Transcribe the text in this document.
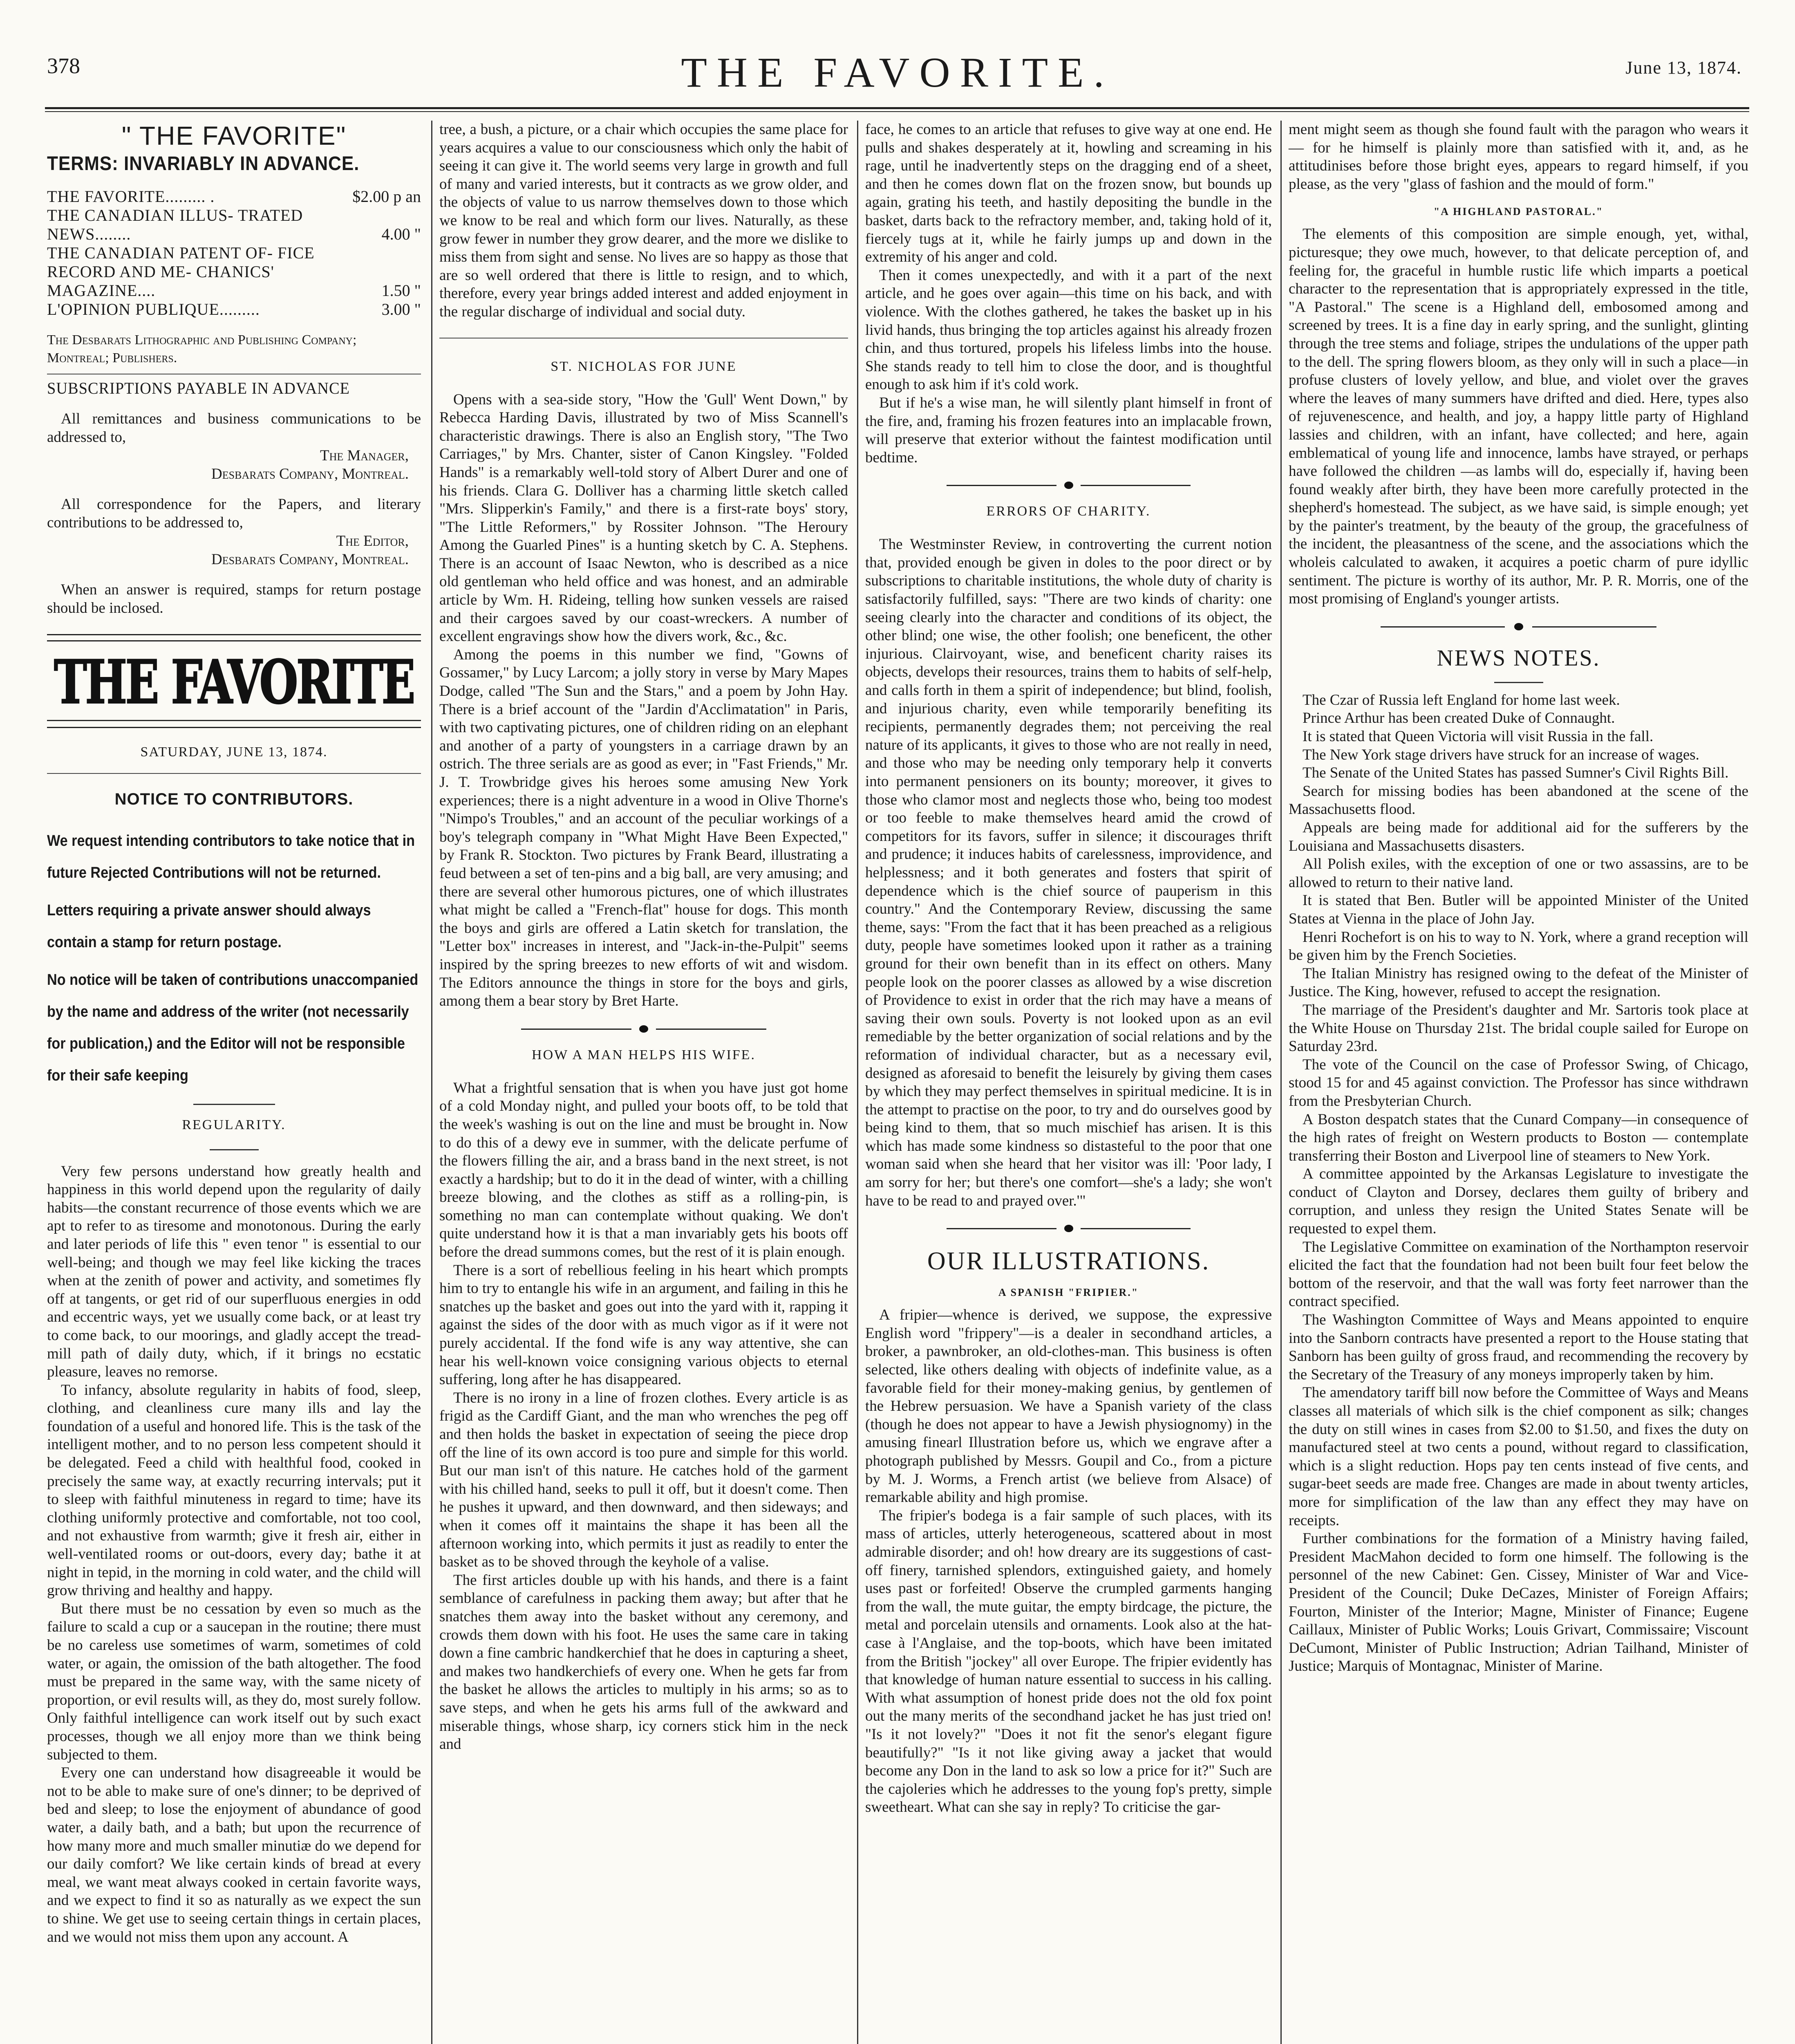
378	THE FAVORITE.	June 13, 1874.
" THE FAVORITE"
TERMS: INVARIABLY IN ADVANCE.
THE FAVORITE......... .	$2.00 p an
THE CANADIAN ILLUS- TRATED NEWS........	4.00 "
THE CANADIAN PATENT OF- FICE RECORD AND ME- CHANICS' MAGAZINE....	1.50 "
L'OPINION PUBLIQUE.........	3.00 "
The Desbarats Lithographic and Publishing Company; Montreal; Publishers.
SUBSCRIPTIONS PAYABLE IN ADVANCE

All remittances and business communications to be addressed to,

The Manager,
Desbarats Company, Montreal.

All correspondence for the Papers, and literary contributions to be addressed to,

The Editor,
Desbarats Company, Montreal.

When an answer is required, stamps for return postage should be inclosed.

THE FAVORITE
SATURDAY, JUNE 13, 1874.
NOTICE TO CONTRIBUTORS.

We request intending contributors to take notice that in future Rejected Contributions will not be returned.

Letters requiring a private answer should always contain a stamp for return postage.

No notice will be taken of contributions unaccompanied by the name and address of the writer (not necessarily for publication,) and the Editor will not be responsible for their safe keeping

REGULARITY.

Very few persons understand how greatly health and happiness in this world depend upon the regularity of daily habits—the constant recurrence of those events which we are apt to refer to as tiresome and monotonous. During the early and later periods of life this " even tenor " is essential to our well-being; and though we may feel like kicking the traces when at the zenith of power and activity, and sometimes fly off at tangents, or get rid of our superfluous energies in odd and eccentric ways, yet we usually come back, or at least try to come back, to our moorings, and gladly accept the tread-mill path of daily duty, which, if it brings no ecstatic pleasure, leaves no remorse.

To infancy, absolute regularity in habits of food, sleep, clothing, and cleanliness cure many ills and lay the foundation of a useful and honored life. This is the task of the intelligent mother, and to no person less competent should it be delegated. Feed a child with healthful food, cooked in precisely the same way, at exactly recurring intervals; put it to sleep with faithful minuteness in regard to time; have its clothing uniformly protective and comfortable, not too cool, and not exhaustive from warmth; give it fresh air, either in well-ventilated rooms or out-doors, every day; bathe it at night in tepid, in the morning in cold water, and the child will grow thriving and healthy and happy.

But there must be no cessation by even so much as the failure to scald a cup or a saucepan in the routine; there must be no careless use sometimes of warm, sometimes of cold water, or again, the omission of the bath altogether. The food must be prepared in the same way, with the same nicety of proportion, or evil results will, as they do, most surely follow. Only faithful intelligence can work itself out by such exact processes, though we all enjoy more than we think being subjected to them.

Every one can understand how disagreeable it would be not to be able to make sure of one's dinner; to be deprived of bed and sleep; to lose the enjoyment of abundance of good water, a daily bath, and a bath; but upon the recurrence of how many more and much smaller minutiæ do we depend for our daily comfort? We like certain kinds of bread at every meal, we want meat always cooked in certain favorite ways, and we expect to find it so as naturally as we expect the sun to shine. We get use to seeing certain things in certain places, and we would not miss them upon any account. A

tree, a bush, a picture, or a chair which occupies the same place for years acquires a value to our consciousness which only the habit of seeing it can give it. The world seems very large in growth and full of many and varied interests, but it contracts as we grow older, and the objects of value to us narrow themselves down to those which we know to be real and which form our lives. Naturally, as these grow fewer in number they grow dearer, and the more we dislike to miss them from sight and sense. No lives are so happy as those that are so well ordered that there is little to resign, and to which, therefore, every year brings added interest and added enjoyment in the regular discharge of individual and social duty.

ST. NICHOLAS FOR JUNE

Opens with a sea-side story, "How the 'Gull' Went Down," by Rebecca Harding Davis, illustrated by two of Miss Scannell's characteristic drawings. There is also an English story, "The Two Carriages," by Mrs. Chanter, sister of Canon Kingsley. "Folded Hands" is a remarkably well-told story of Albert Durer and one of his friends. Clara G. Dolliver has a charming little sketch called "Mrs. Slipperkin's Family," and there is a first-rate boys' story, "The Little Reformers," by Rossiter Johnson. "The Heroury Among the Guarled Pines" is a hunting sketch by C. A. Stephens. There is an account of Isaac Newton, who is described as a nice old gentleman who held office and was honest, and an admirable article by Wm. H. Rideing, telling how sunken vessels are raised and their cargoes saved by our coast-wreckers. A number of excellent engravings show how the divers work, &c., &c.

Among the poems in this number we find, "Gowns of Gossamer," by Lucy Larcom; a jolly story in verse by Mary Mapes Dodge, called "The Sun and the Stars," and a poem by John Hay. There is a brief account of the "Jardin d'Acclimatation" in Paris, with two captivating pictures, one of children riding on an elephant and another of a party of youngsters in a carriage drawn by an ostrich. The three serials are as good as ever; in "Fast Friends," Mr. J. T. Trowbridge gives his heroes some amusing New York experiences; there is a night adventure in a wood in Olive Thorne's "Nimpo's Troubles," and an account of the peculiar workings of a boy's telegraph company in "What Might Have Been Expected," by Frank R. Stockton. Two pictures by Frank Beard, illustrating a feud between a set of ten-pins and a big ball, are very amusing; and there are several other humorous pictures, one of which illustrates what might be called a "French-flat" house for dogs. This month the boys and girls are offered a Latin sketch for translation, the "Letter box" increases in interest, and "Jack-in-the-Pulpit" seems inspired by the spring breezes to new efforts of wit and wisdom. The Editors announce the things in store for the boys and girls, among them a bear story by Bret Harte.

HOW A MAN HELPS HIS WIFE.

What a frightful sensation that is when you have just got home of a cold Monday night, and pulled your boots off, to be told that the week's washing is out on the line and must be brought in. Now to do this of a dewy eve in summer, with the delicate perfume of the flowers filling the air, and a brass band in the next street, is not exactly a hardship; but to do it in the dead of winter, with a chilling breeze blowing, and the clothes as stiff as a rolling-pin, is something no man can contemplate without quaking. We don't quite understand how it is that a man invariably gets his boots off before the dread summons comes, but the rest of it is plain enough.

There is a sort of rebellious feeling in his heart which prompts him to try to entangle his wife in an argument, and failing in this he snatches up the basket and goes out into the yard with it, rapping it against the sides of the door with as much vigor as if it were not purely accidental. If the fond wife is any way attentive, she can hear his well-known voice consigning various objects to eternal suffering, long after he has disappeared.

There is no irony in a line of frozen clothes. Every article is as frigid as the Cardiff Giant, and the man who wrenches the peg off and then holds the basket in expectation of seeing the piece drop off the line of its own accord is too pure and simple for this world. But our man isn't of this nature. He catches hold of the garment with his chilled hand, seeks to pull it off, but it doesn't come. Then he pushes it upward, and then downward, and then sideways; and when it comes off it maintains the shape it has been all the afternoon working into, which permits it just as readily to enter the basket as to be shoved through the keyhole of a valise.

The first articles double up with his hands, and there is a faint semblance of carefulness in packing them away; but after that he snatches them away into the basket without any ceremony, and crowds them down with his foot. He uses the same care in taking down a fine cambric handkerchief that he does in capturing a sheet, and makes two handkerchiefs of every one. When he gets far from the basket he allows the articles to multiply in his arms; so as to save steps, and when he gets his arms full of the awkward and miserable things, whose sharp, icy corners stick him in the neck and

face, he comes to an article that refuses to give way at one end. He pulls and shakes desperately at it, howling and screaming in his rage, until he inadvertently steps on the dragging end of a sheet, and then he comes down flat on the frozen snow, but bounds up again, grating his teeth, and hastily depositing the bundle in the basket, darts back to the refractory member, and, taking hold of it, fiercely tugs at it, while he fairly jumps up and down in the extremity of his anger and cold.

Then it comes unexpectedly, and with it a part of the next article, and he goes over again—this time on his back, and with violence. With the clothes gathered, he takes the basket up in his livid hands, thus bringing the top articles against his already frozen chin, and thus tortured, propels his lifeless limbs into the house. She stands ready to tell him to close the door, and is thoughtful enough to ask him if it's cold work.

But if he's a wise man, he will silently plant himself in front of the fire, and, framing his frozen features into an implacable frown, will preserve that exterior without the faintest modification until bedtime.

ERRORS OF CHARITY.

The Westminster Review, in controverting the current notion that, provided enough be given in doles to the poor direct or by subscriptions to charitable institutions, the whole duty of charity is satisfactorily fulfilled, says: "There are two kinds of charity: one seeing clearly into the character and conditions of its object, the other blind; one wise, the other foolish; one beneficent, the other injurious. Clairvoyant, wise, and beneficent charity raises its objects, develops their resources, trains them to habits of self-help, and calls forth in them a spirit of independence; but blind, foolish, and injurious charity, even while temporarily benefiting its recipients, permanently degrades them; not perceiving the real nature of its applicants, it gives to those who are not really in need, and those who may be needing only temporary help it converts into permanent pensioners on its bounty; moreover, it gives to those who clamor most and neglects those who, being too modest or too feeble to make themselves heard amid the crowd of competitors for its favors, suffer in silence; it discourages thrift and prudence; it induces habits of carelessness, improvidence, and helplessness; and it both generates and fosters that spirit of dependence which is the chief source of pauperism in this country." And the Contemporary Review, discussing the same theme, says: "From the fact that it has been preached as a religious duty, people have sometimes looked upon it rather as a training ground for their own benefit than in its effect on others. Many people look on the poorer classes as allowed by a wise discretion of Providence to exist in order that the rich may have a means of saving their own souls. Poverty is not looked upon as an evil remediable by the better organization of social relations and by the reformation of individual character, but as a necessary evil, designed as aforesaid to benefit the leisurely by giving them cases by which they may perfect themselves in spiritual medicine. It is in the attempt to practise on the poor, to try and do ourselves good by being kind to them, that so much mischief has arisen. It is this which has made some kindness so distasteful to the poor that one woman said when she heard that her visitor was ill: 'Poor lady, I am sorry for her; but there's one comfort—she's a lady; she won't have to be read to and prayed over.'"

OUR ILLUSTRATIONS.
A SPANISH "FRIPIER."

A fripier—whence is derived, we suppose, the expressive English word "frippery"—is a dealer in secondhand articles, a broker, a pawnbroker, an old-clothes-man. This business is often selected, like others dealing with objects of indefinite value, as a favorable field for their money-making genius, by gentlemen of the Hebrew persuasion. We have a Spanish variety of the class (though he does not appear to have a Jewish physiognomy) in the amusing finearl Illustration before us, which we engrave after a photograph published by Messrs. Goupil and Co., from a picture by M. J. Worms, a French artist (we believe from Alsace) of remarkable ability and high promise.

The fripier's bodega is a fair sample of such places, with its mass of articles, utterly heterogeneous, scattered about in most admirable disorder; and oh! how dreary are its suggestions of cast-off finery, tarnished splendors, extinguished gaiety, and homely uses past or forfeited! Observe the crumpled garments hanging from the wall, the mute guitar, the empty birdcage, the picture, the metal and porcelain utensils and ornaments. Look also at the hat-case à l'Anglaise, and the top-boots, which have been imitated from the British "jockey" all over Europe. The fripier evidently has that knowledge of human nature essential to success in his calling. With what assumption of honest pride does not the old fox point out the many merits of the secondhand jacket he has just tried on! "Is it not lovely?" "Does it not fit the senor's elegant figure beautifully?" "Is it not like giving away a jacket that would become any Don in the land to ask so low a price for it?" Such are the cajoleries which he addresses to the young fop's pretty, simple sweetheart. What can she say in reply? To criticise the gar-

ment might seem as though she found fault with the paragon who wears it — for he himself is plainly more than satisfied with it, and, as he attitudinises before those bright eyes, appears to regard himself, if you please, as the very "glass of fashion and the mould of form."

"A HIGHLAND PASTORAL."

The elements of this composition are simple enough, yet, withal, picturesque; they owe much, however, to that delicate perception of, and feeling for, the graceful in humble rustic life which imparts a poetical character to the representation that is appropriately expressed in the title, "A Pastoral." The scene is a Highland dell, embosomed among and screened by trees. It is a fine day in early spring, and the sunlight, glinting through the tree stems and foliage, stripes the undulations of the upper path to the dell. The spring flowers bloom, as they only will in such a place—in profuse clusters of lovely yellow, and blue, and violet over the graves where the leaves of many summers have drifted and died. Here, types also of rejuvenescence, and health, and joy, a happy little party of Highland lassies and children, with an infant, have collected; and here, again emblematical of young life and innocence, lambs have strayed, or perhaps have followed the children —as lambs will do, especially if, having been found weakly after birth, they have been more carefully protected in the shepherd's homestead. The subject, as we have said, is simple enough; yet by the painter's treatment, by the beauty of the group, the gracefulness of the incident, the pleasantness of the scene, and the associations which the wholeis calculated to awaken, it acquires a poetic charm of pure idyllic sentiment. The picture is worthy of its author, Mr. P. R. Morris, one of the most promising of England's younger artists.

NEWS NOTES.

The Czar of Russia left England for home last week.

Prince Arthur has been created Duke of Connaught.

It is stated that Queen Victoria will visit Russia in the fall.

The New York stage drivers have struck for an increase of wages.

The Senate of the United States has passed Sumner's Civil Rights Bill.

Search for missing bodies has been abandoned at the scene of the Massachusetts flood.

Appeals are being made for additional aid for the sufferers by the Louisiana and Massachusetts disasters.

All Polish exiles, with the exception of one or two assassins, are to be allowed to return to their native land.

It is stated that Ben. Butler will be appointed Minister of the United States at Vienna in the place of John Jay.

Henri Rochefort is on his to way to N. York, where a grand reception will be given him by the French Societies.

The Italian Ministry has resigned owing to the defeat of the Minister of Justice. The King, however, refused to accept the resignation.

The marriage of the President's daughter and Mr. Sartoris took place at the White House on Thursday 21st. The bridal couple sailed for Europe on Saturday 23rd.

The vote of the Council on the case of Professor Swing, of Chicago, stood 15 for and 45 against conviction. The Professor has since withdrawn from the Presbyterian Church.

A Boston despatch states that the Cunard Company—in consequence of the high rates of freight on Western products to Boston — contemplate transferring their Boston and Liverpool line of steamers to New York.

A committee appointed by the Arkansas Legislature to investigate the conduct of Clayton and Dorsey, declares them guilty of bribery and corruption, and unless they resign the United States Senate will be requested to expel them.

The Legislative Committee on examination of the Northampton reservoir elicited the fact that the foundation had not been built four feet below the bottom of the reservoir, and that the wall was forty feet narrower than the contract specified.

The Washington Committee of Ways and Means appointed to enquire into the Sanborn contracts have presented a report to the House stating that Sanborn has been guilty of gross fraud, and recommending the recovery by the Secretary of the Treasury of any moneys improperly taken by him.

The amendatory tariff bill now before the Committee of Ways and Means classes all materials of which silk is the chief component as silk; changes the duty on still wines in cases from $2.00 to $1.50, and fixes the duty on manufactured steel at two cents a pound, without regard to classification, which is a slight reduction. Hops pay ten cents instead of five cents, and sugar-beet seeds are made free. Changes are made in about twenty articles, more for simplification of the law than any effect they may have on receipts.

Further combinations for the formation of a Ministry having failed, President MacMahon decided to form one himself. The following is the personnel of the new Cabinet: Gen. Cissey, Minister of War and Vice-President of the Council; Duke DeCazes, Minister of Foreign Affairs; Fourton, Minister of the Interior; Magne, Minister of Finance; Eugene Caillaux, Minister of Public Works; Louis Grivart, Commissaire; Viscount DeCumont, Minister of Public Instruction; Adrian Tailhand, Minister of Justice; Marquis of Montagnac, Minister of Marine.
